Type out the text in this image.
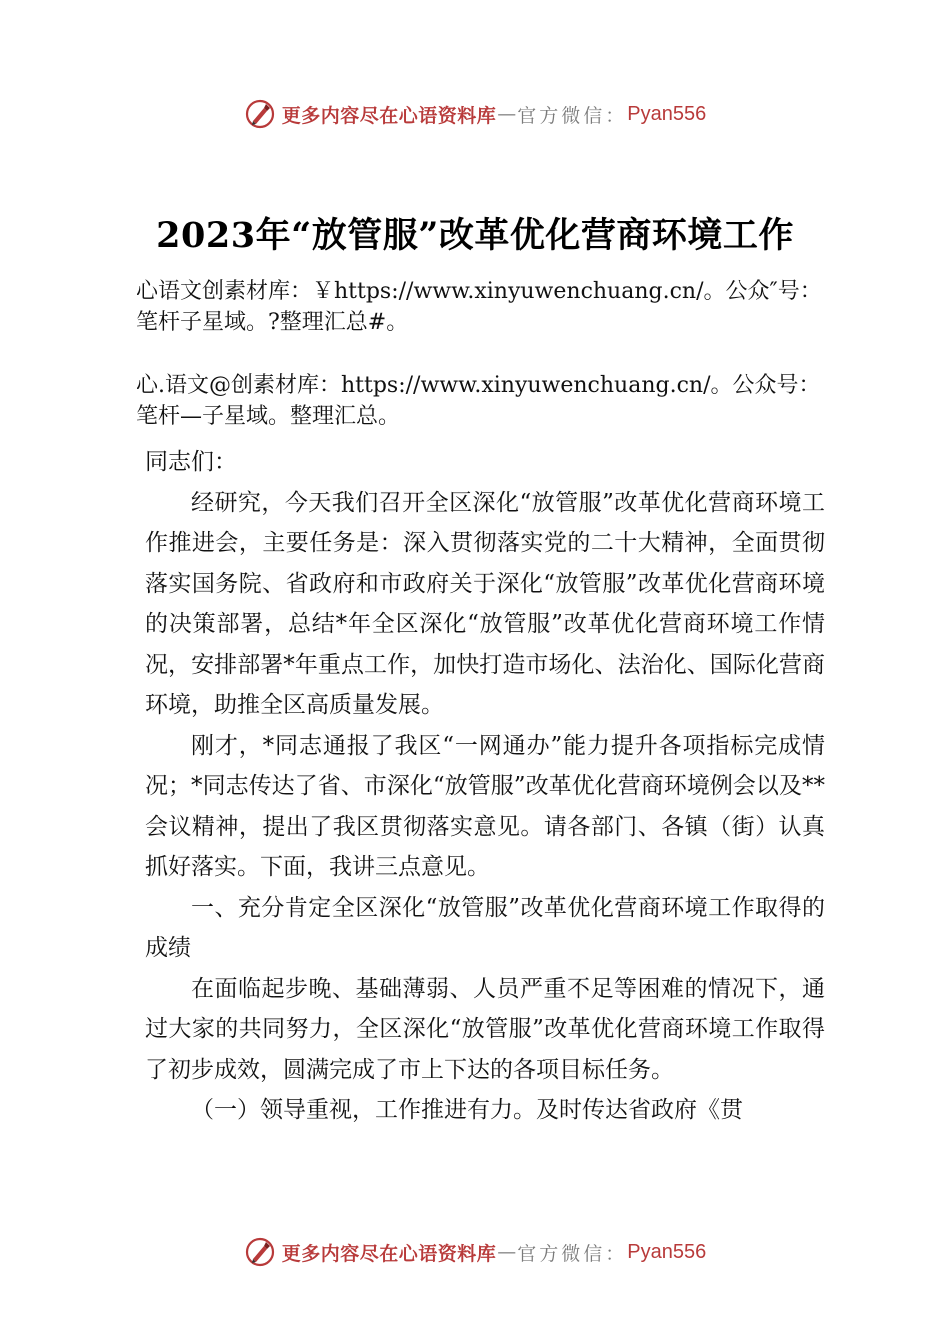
更多内容尽在心语资料库 — 官方微信： Pyan556
2023年“放管服”改革优化营商环境工作
心语文创素材库：￥https://www.xinyuwenchuang.cn/。公众″号：笔杆子星域。?整理汇总#。
心.语文@创素材库：https://www.xinyuwenchuang.cn/。公众号：笔杆—子星域。整理汇总。

同志们：

经研究，今天我们召开全区深化“放管服”改革优化营商环境工作推进会，主要任务是：深入贯彻落实党的二十大精神，全面贯彻落实国务院、省政府和市政府关于深化“放管服”改革优化营商环境的决策部署，总结*年全区深化“放管服”改革优化营商环境工作情况，安排部署*年重点工作，加快打造市场化、法治化、国际化营商环境，助推全区高质量发展。

刚才，*同志通报了我区“一网通办”能力提升各项指标完成情况；*同志传达了省、市深化“放管服”改革优化营商环境例会以及**会议精神，提出了我区贯彻落实意见。请各部门、各镇（街）认真抓好落实。下面，我讲三点意见。

一、充分肯定全区深化“放管服”改革优化营商环境工作取得的成绩

在面临起步晚、基础薄弱、人员严重不足等困难的情况下，通过大家的共同努力，全区深化“放管服”改革优化营商环境工作取得了初步成效，圆满完成了市上下达的各项目标任务。

（一）领导重视，工作推进有力。及时传达省政府《贯

更多内容尽在心语资料库 — 官方微信： Pyan556
